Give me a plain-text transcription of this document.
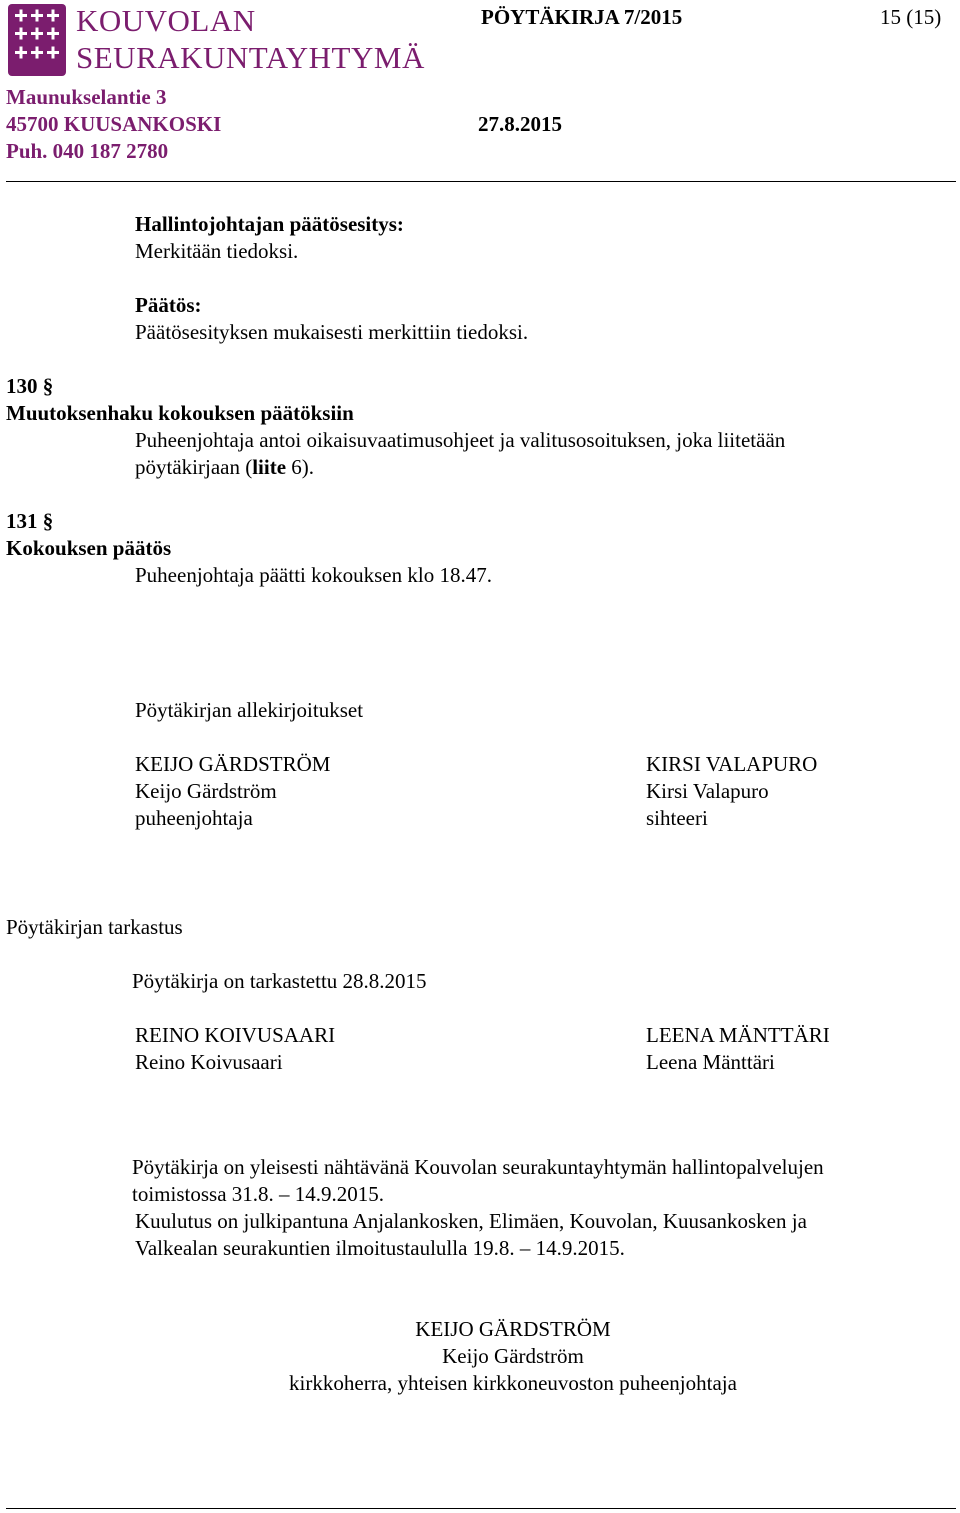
KOUVOLAN
SEURAKUNTAYHTYMÄ
PÖYTÄKIRJA 7/2015	15 (15)
Maunukselantie 3
45700 KUUSANKOSKI	27.8.2015
Puh. 040 187 2780
Hallintojohtajan päätösesitys:
Merkitään tiedoksi.
Päätös:
Päätösesityksen mukaisesti merkittiin tiedoksi.
130 §
Muutoksenhaku kokouksen päätöksiin
Puheenjohtaja antoi oikaisuvaatimusohjeet ja valitusosoituksen, joka liitetään
pöytäkirjaan (liite 6).
131 §
Kokouksen päätös
Puheenjohtaja päätti kokouksen klo 18.47.
Pöytäkirjan allekirjoitukset
KEIJO GÄRDSTRÖM
Keijo Gärdström
puheenjohtaja
KIRSI VALAPURO
Kirsi Valapuro
sihteeri
Pöytäkirjan tarkastus
Pöytäkirja on tarkastettu 28.8.2015
REINO KOIVUSAARI
Reino Koivusaari
LEENA MÄNTTÄRI
Leena Mänttäri
Pöytäkirja on yleisesti nähtävänä Kouvolan seurakuntayhtymän hallintopalvelujen
toimistossa 31.8. – 14.9.2015.
Kuulutus on julkipantuna Anjalankosken, Elimäen, Kouvolan, Kuusankosken ja
Valkealan seurakuntien ilmoitustaululla 19.8. – 14.9.2015.
KEIJO GÄRDSTRÖM
Keijo Gärdström
kirkkoherra, yhteisen kirkkoneuvoston puheenjohtaja
